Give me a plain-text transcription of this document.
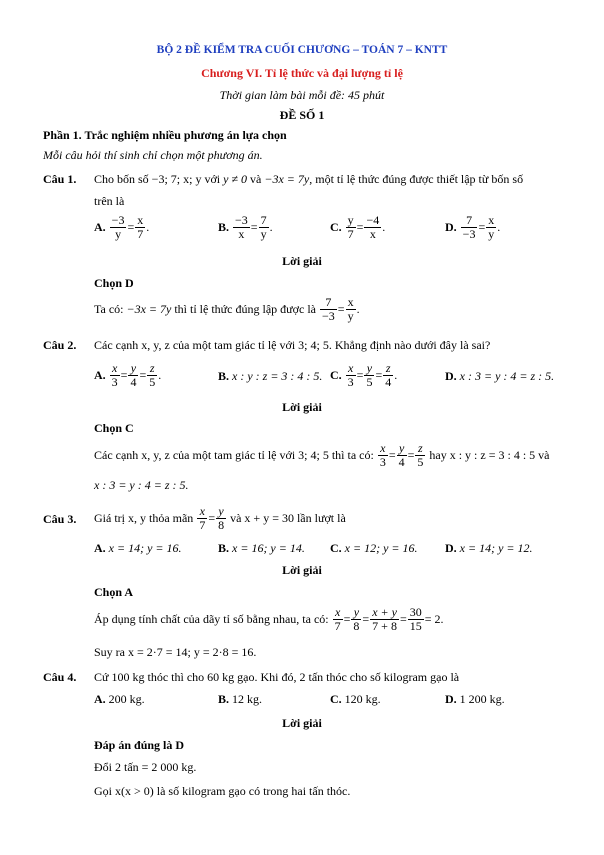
BỘ 2 ĐỀ KIỂM TRA CUỐI CHƯƠNG – TOÁN 7 – KNTT
Chương VI. Tỉ lệ thức và đại lượng tỉ lệ
Thời gian làm bài mỗi đề: 45 phút
ĐỀ SỐ 1
Phần 1. Trắc nghiệm nhiều phương án lựa chọn
Mỗi câu hỏi thí sinh chỉ chọn một phương án.
Câu 1. Cho bốn số −3; 7; x; y với y ≠ 0 và −3x = 7y, một tỉ lệ thức đúng được thiết lập từ bốn số
trên là
A.
$\frac{-3}{y} = \frac{x}{7}$ .	B.
$\frac{-3}{x} = \frac{7}{y}$ .	C.
$\frac{y}{7} = \frac{-4}{x}$ .	D.
$\frac{7}{-3} = \frac{x}{y}$ .
Lời giải
Chọn D
Ta có:
−3x = 7y
thì tỉ lệ thức đúng lập được là
$\frac{7}{-3} = \frac{x}{y}$ .
Câu 2. Các cạnh x, y, z của một tam giác tỉ lệ với 3; 4; 5. Khẳng định nào dưới đây là sai?
A.
$\frac{x}{3} = \frac{y}{4} = \frac{z}{5}$ .	B. x : y : z = 3 : 4 : 5. C.
$\frac{x}{3} = \frac{y}{5} = \frac{z}{4}$ .	D. x : 3 = y : 4 = z : 5.
Lời giải
Chọn C
Các cạnh x, y, z của một tam giác tỉ lệ với 3; 4; 5 thì ta có:
$\frac{x}{3} = \frac{y}{4} = \frac{z}{5}$
hay x : y : z = 3 : 4 : 5 và
x : 3 = y : 4 = z : 5.
Câu 3. Giá trị x, y thỏa mãn
$\frac{x}{7} = \frac{y}{8}$
và x + y = 30 lần lượt là
A. x = 14; y = 16.	B. x = 16; y = 14. C. x = 12; y = 16. D. x = 14; y = 12.
Lời giải
Chọn A
Áp dụng tính chất của dãy tỉ số bằng nhau, ta có:
$\frac{x}{7} = \frac{y}{8} = \frac{x + y}{7 + 8} = \frac{30}{15} = 2$.
Suy ra x = 2·7 = 14; y = 2·8 = 16.
Câu 4. Cứ 100 kg thóc thì cho 60 kg gạo. Khi đó, 2 tấn thóc cho số kilogram gạo là
A. 200 kg.	B. 12 kg.	C. 120 kg.	D. 1 200 kg.
Lời giải
Đáp án đúng là D
Đổi 2 tấn = 2 000 kg.
Gọi x(x > 0) là số kilogram gạo có trong hai tấn thóc.
